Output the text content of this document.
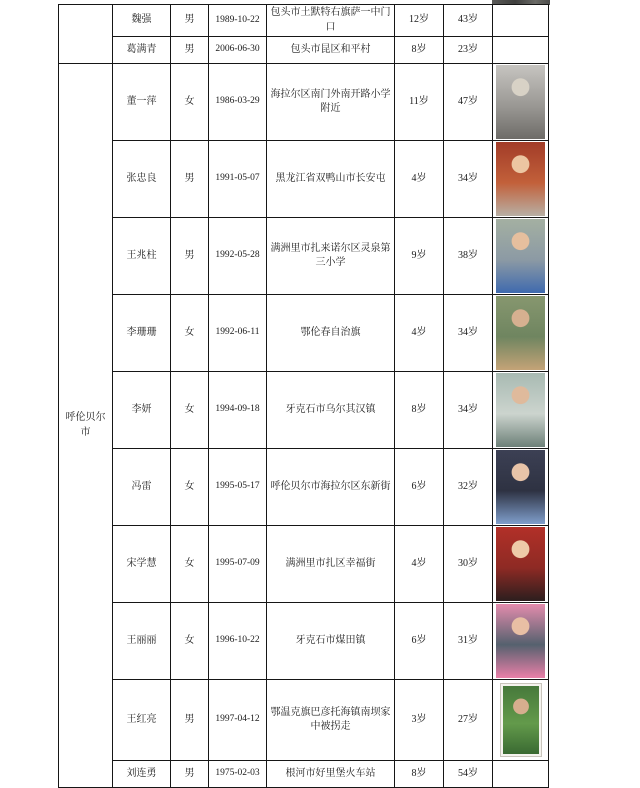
	魏强	男	1989-10-22	包头市土默特右旗萨一中门口	12岁	43岁	
	葛满青	男	2006-06-30	包头市昆区和平村	8岁	23岁	
呼伦贝尔市	董一萍	女	1986-03-29	海拉尔区南门外南开路小学附近	11岁	47岁	

	张忠良	男	1991-05-07	黑龙江省双鸭山市长安屯	4岁	34岁	

	王兆柱	男	1992-05-28	满洲里市扎来诺尔区灵泉第三小学	9岁	38岁	

	李珊珊	女	1992-06-11	鄂伦春自治旗	4岁	34岁	

	李妍	女	1994-09-18	牙克石市乌尔其汉镇	8岁	34岁	

	冯雷	女	1995-05-17	呼伦贝尔市海拉尔区东新街	6岁	32岁	

	宋学慧	女	1995-07-09	满洲里市扎区幸福街	4岁	30岁	

	王丽丽	女	1996-10-22	牙克石市煤田镇	6岁	31岁	

	王红亮	男	1997-04-12	鄂温克旗巴彦托海镇南坝家中被拐走	3岁	27岁	

	刘连勇	男	1975-02-03	根河市好里堡火车站	8岁	54岁	
